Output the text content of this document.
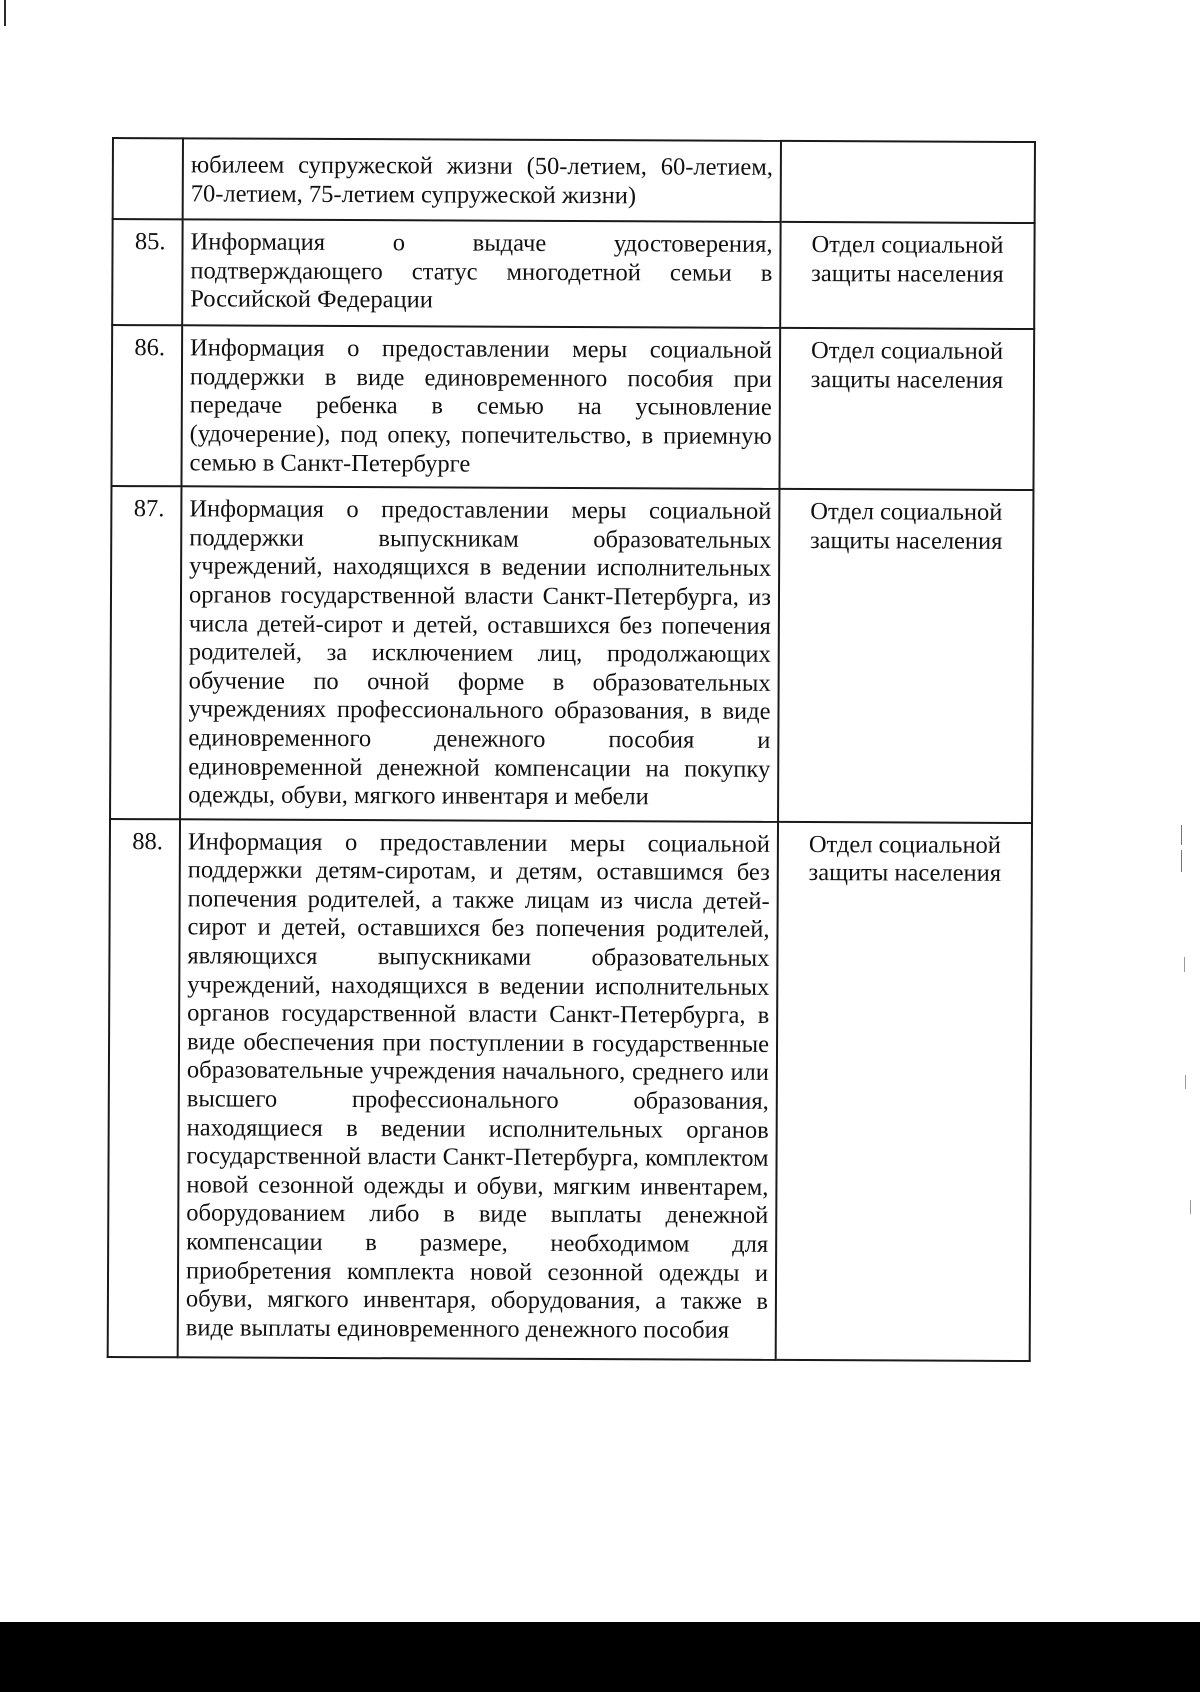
	юбилеем супружеской жизни (50-летием, 60-летием, 70-летием, 75-летием супружеской жизни)	
85.	Информация о выдаче удостоверения, подтверждающего статус многодетной семьи в Российской Федерации	Отдел социальной защиты населения
86.	Информация о предоставлении меры социальной поддержки в виде единовременного пособия при передаче ребенка в семью на усыновление (удочерение), под опеку, попечительство, в приемную семью в Санкт-Петербурге	Отдел социальной защиты населения
87.	Информация о предоставлении меры социальной поддержки выпускникам образовательных учреждений, находящихся в ведении исполнительных органов государственной власти Санкт-Петербурга, из числа детей-сирот и детей, оставшихся без попечения родителей, за исключением лиц, продолжающих обучение по очной форме в образовательных учреждениях профессионального образования, в виде единовременного денежного пособия и единовременной денежной компенсации на покупку одежды, обуви, мягкого инвентаря и мебели	Отдел социальной защиты населения
88.	Информация о предоставлении меры социальной поддержки детям-сиротам, и детям, оставшимся без попечения родителей, а также лицам из числа детей-сирот и детей, оставшихся без попечения родителей, являющихся выпускниками образовательных учреждений, находящихся в ведении исполнительных органов государственной власти Санкт-Петербурга, в виде обеспечения при поступлении в государственные образовательные учреждения начального, среднего или высшего профессионального образования, находящиеся в ведении исполнительных органов государственной власти Санкт-Петербурга, комплектом новой сезонной одежды и обуви, мягким инвентарем, оборудованием либо в виде выплаты денежной компенсации в размере, необходимом для приобретения комплекта новой сезонной одежды и обуви, мягкого инвентаря, оборудования, а также в виде выплаты единовременного денежного пособия	Отдел социальной защиты населения
